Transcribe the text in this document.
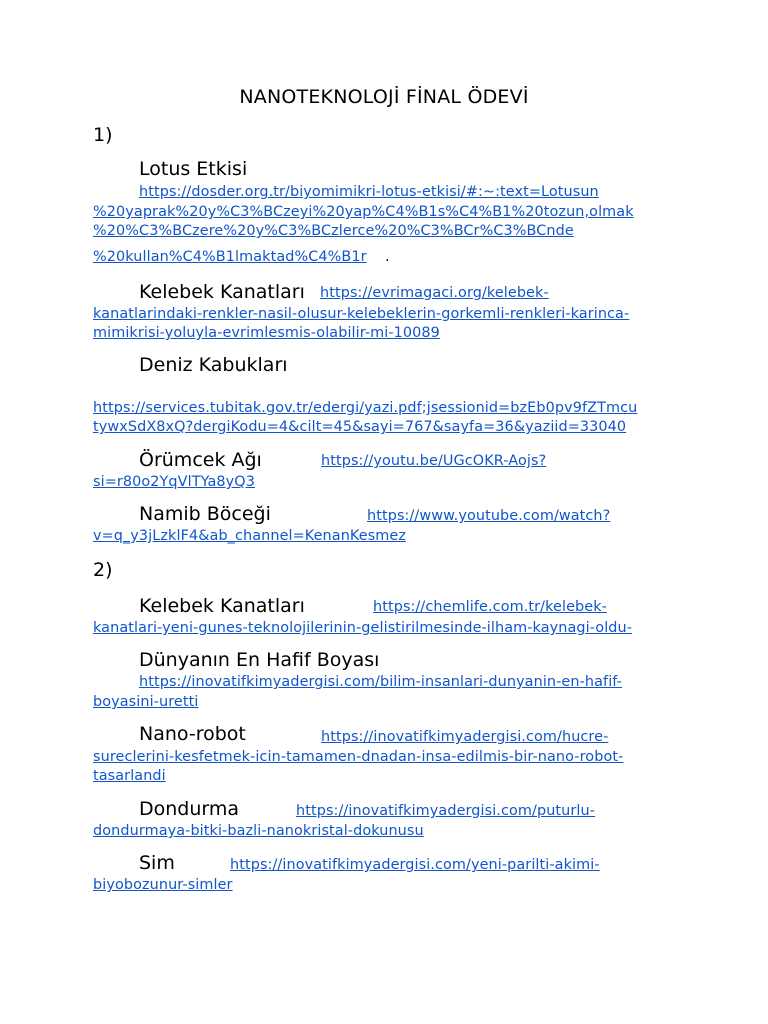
NANOTEKNOLOJİ FİNAL ÖDEVİ
1)
Lotus Etkisi
https://dosder.org.tr/biyomimikri-lotus-etkisi/#:~:text=Lotusun
%20yaprak%20y%C3%BCzeyi%20yap%C4%B1s%C4%B1%20tozun,olmak
%20%C3%BCzere%20y%C3%BCzlerce%20%C3%BCr%C3%BCnde
%20kullan%C4%B1lmaktad%C4%B1r .
Kelebek Kanatları https://evrimagaci.org/kelebek-
kanatlarindaki-renkler-nasil-olusur-kelebeklerin-gorkemli-renkleri-karinca-
mimikrisi-yoluyla-evrimlesmis-olabilir-mi-10089
Deniz Kabukları
https://services.tubitak.gov.tr/edergi/yazi.pdf;jsessionid=bzEb0pv9fZTmcu
tywxSdX8xQ?dergiKodu=4&cilt=45&sayi=767&sayfa=36&yaziid=33040
Örümcek Ağı	https://youtu.be/UGcOKR-Aojs?
si=r80o2YqVlTYa8yQ3
Namib Böceği	https://www.youtube.com/watch?
v=q_y3jLzklF4&ab_channel=KenanKesmez
2)
Kelebek Kanatları	https://chemlife.com.tr/kelebek-
kanatlari-yeni-gunes-teknolojilerinin-gelistirilmesinde-ilham-kaynagi-oldu-
Dünyanın En Hafif Boyası
https://inovatifkimyadergisi.com/bilim-insanlari-dunyanin-en-hafif-
boyasini-uretti
Nano-robot	https://inovatifkimyadergisi.com/hucre-
sureclerini-kesfetmek-icin-tamamen-dnadan-insa-edilmis-bir-nano-robot-
tasarlandi
Dondurma	https://inovatifkimyadergisi.com/puturlu-
dondurmaya-bitki-bazli-nanokristal-dokunusu
Sim	https://inovatifkimyadergisi.com/yeni-parilti-akimi-
biyobozunur-simler
